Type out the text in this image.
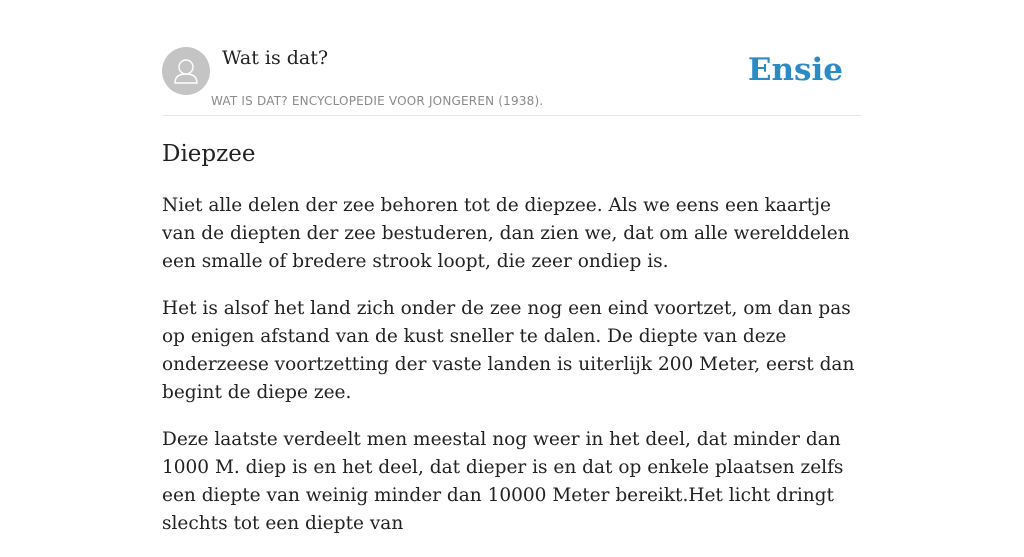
Wat is dat?
WAT IS DAT? ENCYCLOPEDIE VOOR JONGEREN (1938).
Ensie
Diepzee

Niet alle delen der zee behoren tot de diepzee. Als we eens een kaartje van de diepten der zee bestuderen, dan zien we, dat om alle werelddelen een smalle of bredere strook loopt, die zeer ondiep is.

Het is alsof het land zich onder de zee nog een eind voortzet, om dan pas op enigen afstand van de kust sneller te dalen. De diepte van deze onderzeese voortzetting der vaste landen is uiterlijk 200 Meter, eerst dan begint de diepe zee.

Deze laatste verdeelt men meestal nog weer in het deel, dat minder dan 1000 M. diep is en het deel, dat dieper is en dat op enkele plaatsen zelfs een diepte van weinig minder dan 10000 Meter bereikt.Het licht dringt slechts tot een diepte van
